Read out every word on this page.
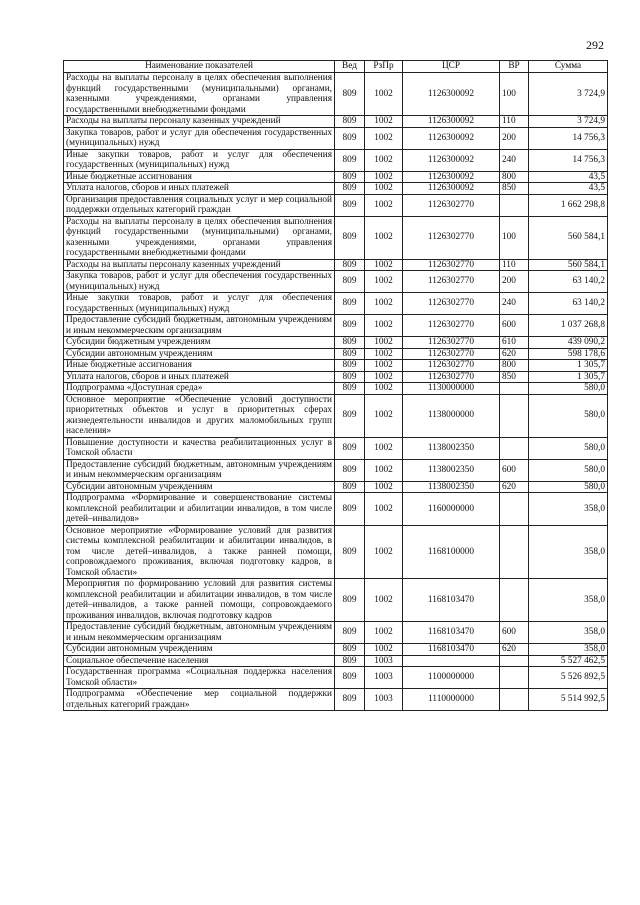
292
Наименование показателей	Вед	РзПр	ЦСР	ВР	Сумма
Расходы на выплаты персоналу в целях обеспечения выполнения функций государственными (муниципальными) органами, казенными учреждениями, органами управления государственными внебюджетными фондами	809	1002	1126300092	100	3 724,9
Расходы на выплаты персоналу казенных учреждений	809	1002	1126300092	110	3 724,9
Закупка товаров, работ и услуг для обеспечения государственных (муниципальных) нужд	809	1002	1126300092	200	14 756,3
Иные закупки товаров, работ и услуг для обеспечения государственных (муниципальных) нужд	809	1002	1126300092	240	14 756,3
Иные бюджетные ассигнования	809	1002	1126300092	800	43,5
Уплата налогов, сборов и иных платежей	809	1002	1126300092	850	43,5
Организация предоставления социальных услуг и мер социальной поддержки отдельных категорий граждан	809	1002	1126302770		1 662 298,8
Расходы на выплаты персоналу в целях обеспечения выполнения функций государственными (муниципальными) органами, казенными учреждениями, органами управления государственными внебюджетными фондами	809	1002	1126302770	100	560 584,1
Расходы на выплаты персоналу казенных учреждений	809	1002	1126302770	110	560 584,1
Закупка товаров, работ и услуг для обеспечения государственных (муниципальных) нужд	809	1002	1126302770	200	63 140,2
Иные закупки товаров, работ и услуг для обеспечения государственных (муниципальных) нужд	809	1002	1126302770	240	63 140,2
Предоставление субсидий бюджетным, автономным учреждениям и иным некоммерческим организациям	809	1002	1126302770	600	1 037 268,8
Субсидии бюджетным учреждениям	809	1002	1126302770	610	439 090,2
Субсидии автономным учреждениям	809	1002	1126302770	620	598 178,6
Иные бюджетные ассигнования	809	1002	1126302770	800	1 305,7
Уплата налогов, сборов и иных платежей	809	1002	1126302770	850	1 305,7
Подпрограмма «Доступная среда»	809	1002	1130000000		580,0
Основное мероприятие «Обеспечение условий доступности приоритетных объектов и услуг в приоритетных сферах жизнедеятельности инвалидов и других маломобильных групп населения»	809	1002	1138000000		580,0
Повышение доступности и качества реабилитационных услуг в Томской области	809	1002	1138002350		580,0
Предоставление субсидий бюджетным, автономным учреждениям и иным некоммерческим организациям	809	1002	1138002350	600	580,0
Субсидии автономным учреждениям	809	1002	1138002350	620	580,0
Подпрограмма «Формирование и совершенствование системы комплексной реабилитации и абилитации инвалидов, в том числе детей–инвалидов»	809	1002	1160000000		358,0
Основное мероприятие «Формирование условий для развития системы комплексной реабилитации и абилитации инвалидов, в том числе детей–инвалидов, а также ранней помощи, сопровождаемого проживания, включая подготовку кадров, в Томской области»	809	1002	1168100000		358,0
Мероприятия по формированию условий для развития системы комплексной реабилитации и абилитации инвалидов, в том числе детей–инвалидов, а также ранней помощи, сопровождаемого проживания инвалидов, включая подготовку кадров	809	1002	1168103470		358,0
Предоставление субсидий бюджетным, автономным учреждениям и иным некоммерческим организациям	809	1002	1168103470	600	358,0
Субсидии автономным учреждениям	809	1002	1168103470	620	358,0
Социальное обеспечение населения	809	1003			5 527 462,5
Государственная программа «Социальная поддержка населения Томской области»	809	1003	1100000000		5 526 892,5
Подпрограмма «Обеспечение мер социальной поддержки отдельных категорий граждан»	809	1003	1110000000		5 514 992,5
